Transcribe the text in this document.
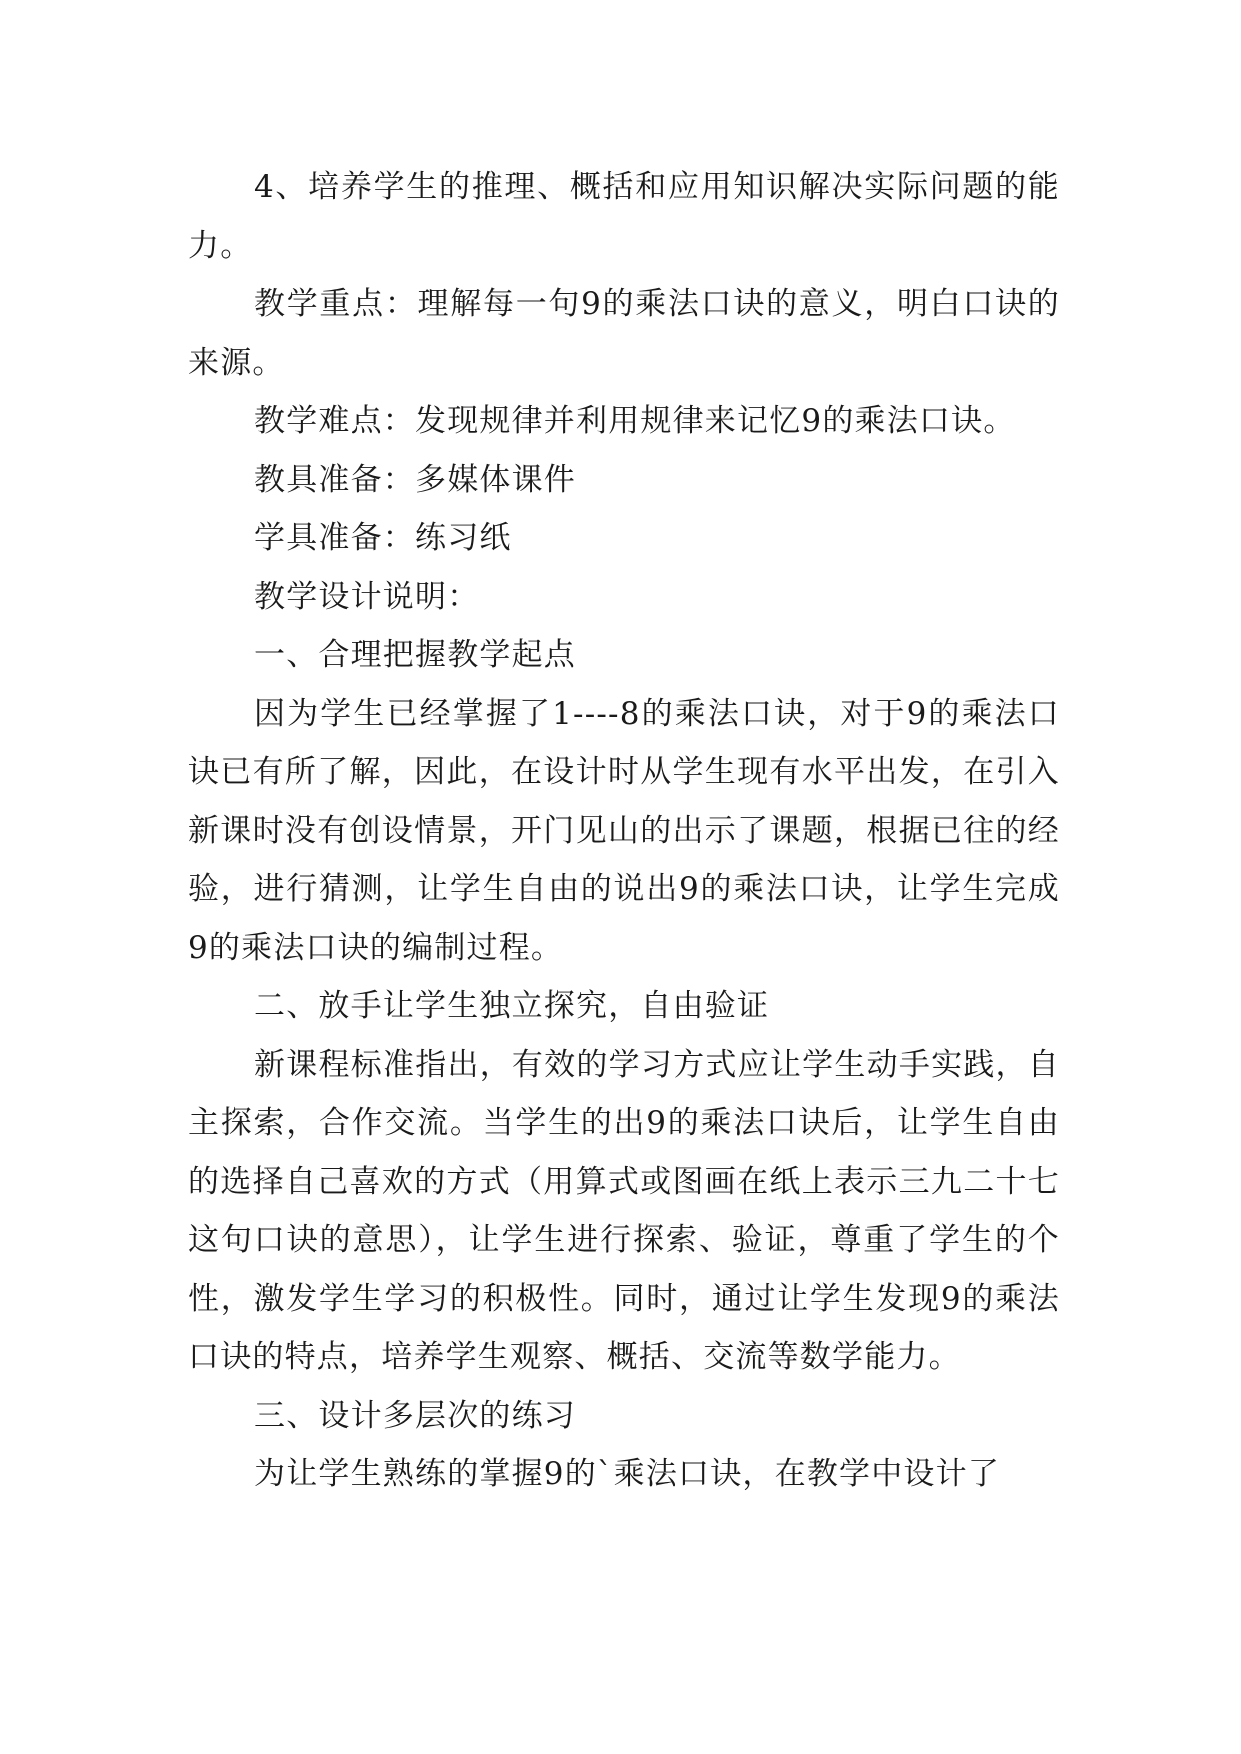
4、培养学生的推理、概括和应用知识解决实际问题的能力。

教学重点：理解每一句9的乘法口诀的意义，明白口诀的来源。

教学难点：发现规律并利用规律来记忆9的乘法口诀。

教具准备：多媒体课件

学具准备：练习纸

教学设计说明：

一、合理把握教学起点

因为学生已经掌握了1----8的乘法口诀，对于9的乘法口诀已有所了解，因此，在设计时从学生现有水平出发，在引入新课时没有创设情景，开门见山的出示了课题，根据已往的经验，进行猜测，让学生自由的说出9的乘法口诀，让学生完成9的乘法口诀的编制过程。

二、放手让学生独立探究，自由验证

新课程标准指出，有效的学习方式应让学生动手实践，自主探索，合作交流。当学生的出9的乘法口诀后，让学生自由的选择自己喜欢的方式（用算式或图画在纸上表示三九二十七这句口诀的意思），让学生进行探索、验证，尊重了学生的个性，激发学生学习的积极性。同时，通过让学生发现9的乘法口诀的特点，培养学生观察、概括、交流等数学能力。

三、设计多层次的练习

为让学生熟练的掌握9的`乘法口诀，在教学中设计了
